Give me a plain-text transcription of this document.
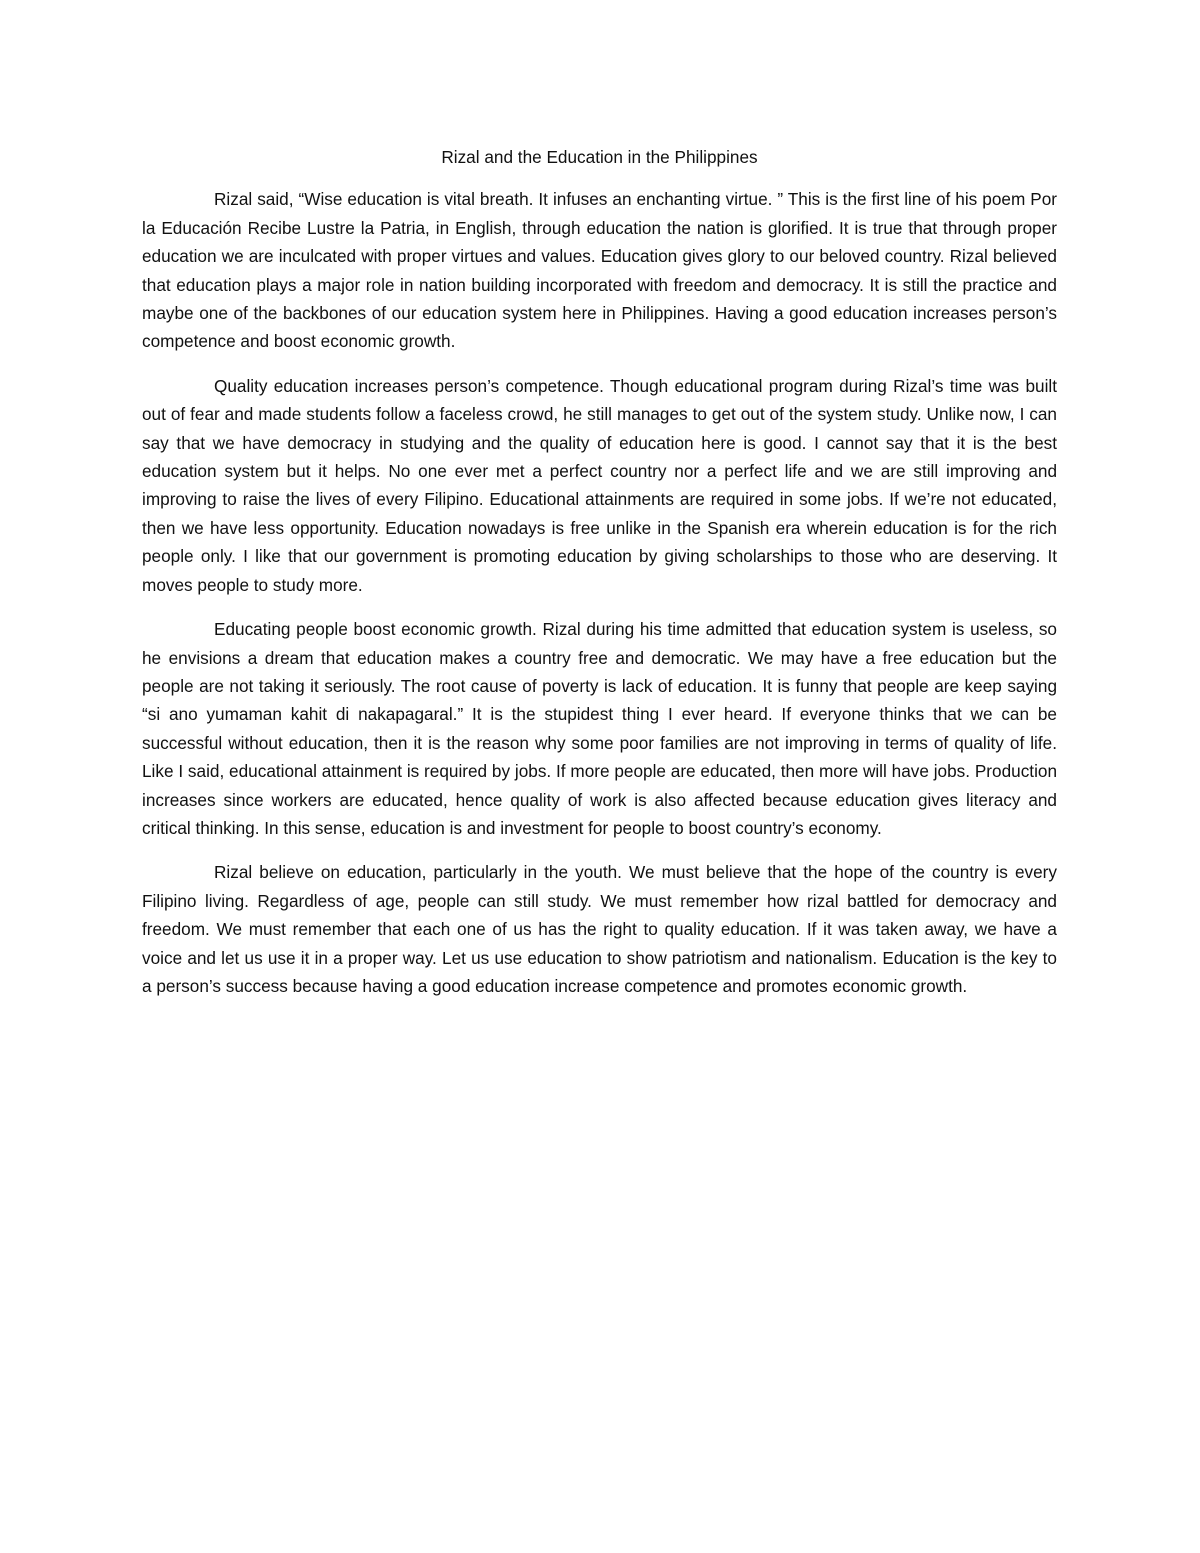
Rizal and the Education in the Philippines

Rizal said, “Wise education is vital breath. It infuses an enchanting virtue. ” This is the first line of his poem Por la Educación Recibe Lustre la Patria, in English, through education the nation is glorified. It is true that through proper education we are inculcated with proper virtues and values. Education gives glory to our beloved country. Rizal believed that education plays a major role in nation building incorporated with freedom and democracy. It is still the practice and maybe one of the backbones of our education system here in Philippines. Having a good education increases person’s competence and boost economic growth.

Quality education increases person’s competence. Though educational program during Rizal’s time was built out of fear and made students follow a faceless crowd, he still manages to get out of the system study. Unlike now, I can say that we have democracy in studying and the quality of education here is good. I cannot say that it is the best education system but it helps. No one ever met a perfect country nor a perfect life and we are still improving and improving to raise the lives of every Filipino. Educational attainments are required in some jobs. If we’re not educated, then we have less opportunity. Education nowadays is free unlike in the Spanish era wherein education is for the rich people only. I like that our government is promoting education by giving scholarships to those who are deserving. It moves people to study more.

Educating people boost economic growth. Rizal during his time admitted that education system is useless, so he envisions a dream that education makes a country free and democratic. We may have a free education but the people are not taking it seriously. The root cause of poverty is lack of education. It is funny that people are keep saying “si ano yumaman kahit di nakapagaral.” It is the stupidest thing I ever heard. If everyone thinks that we can be successful without education, then it is the reason why some poor families are not improving in terms of quality of life. Like I said, educational attainment is required by jobs. If more people are educated, then more will have jobs. Production increases since workers are educated, hence quality of work is also affected because education gives literacy and critical thinking. In this sense, education is and investment for people to boost country’s economy.

Rizal believe on education, particularly in the youth. We must believe that the hope of the country is every Filipino living. Regardless of age, people can still study. We must remember how rizal battled for democracy and freedom. We must remember that each one of us has the right to quality education. If it was taken away, we have a voice and let us use it in a proper way. Let us use education to show patriotism and nationalism. Education is the key to a person’s success because having a good education increase competence and promotes economic growth.
